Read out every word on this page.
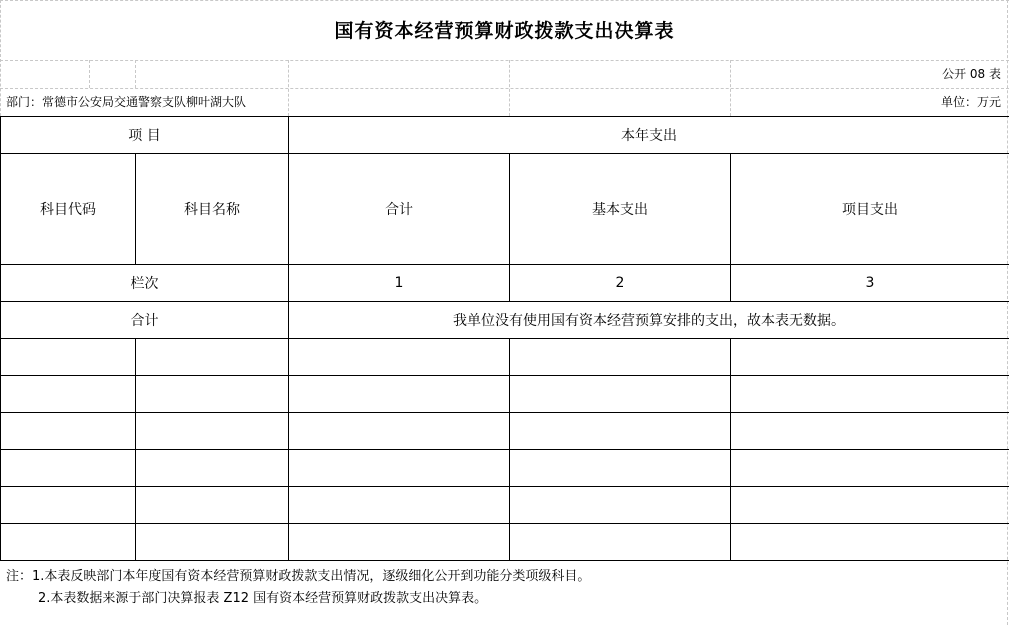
国有资本经营预算财政拨款支出决算表
公开 08 表
部门：常德市公安局交通警察支队柳叶湖大队	单位：万元
项 目		本年支出		
科目代码	科目名称	合计	基本支出	项目支出
栏次		1	2	3
合计		我单位没有使用国有资本经营预算安排的支出，故本表无数据。		

注：1.本表反映部门本年度国有资本经营预算财政拨款支出情况，逐级细化公开到功能分类项级科目。
2.本表数据来源于部门决算报表 Z12 国有资本经营预算财政拨款支出决算表。
